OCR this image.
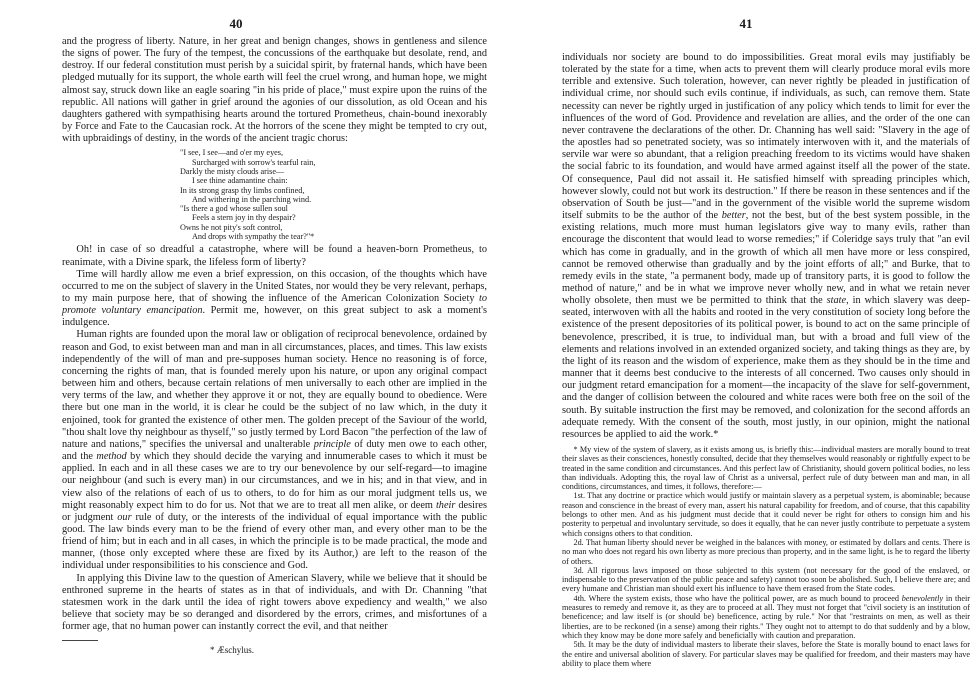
40

and the progress of liberty. Nature, in her great and benign changes, shows in gentleness and silence the signs of power. The fury of the tempest, the concussions of the earthquake but desolate, rend, and destroy. If our federal constitution must perish by a suicidal spirit, by fraternal hands, which have been pledged mutually for its support, the whole earth will feel the cruel wrong, and human hope, we might almost say, struck down like an eagle soaring "in his pride of place," must expire upon the ruins of the republic. All nations will gather in grief around the agonies of our dissolution, as old Ocean and his daughters gathered with sympathising hearts around the tortured Prometheus, chain-bound inexorably by Force and Fate to the Caucasian rock. At the horrors of the scene they might be tempted to cry out, with upbraidings of destiny, in the words of the ancient tragic chorus:

"I see, I see—and o'er my eyes,
Surcharged with sorrow's tearful rain,
Darkly the misty clouds arise—
I see thine adamantine chain:
In its strong grasp thy limbs confined,
And withering in the parching wind.
"Is there a god whose sullen soul
Feels a stern joy in thy despair?
Owns he not pity's soft control,
And drops with sympathy the tear?"*

Oh! in case of so dreadful a catastrophe, where will be found a heaven-born Prometheus, to reanimate, with a Divine spark, the lifeless form of liberty?

Time will hardly allow me even a brief expression, on this occasion, of the thoughts which have occurred to me on the subject of slavery in the United States, nor would they be very relevant, perhaps, to my main purpose here, that of showing the influence of the American Colonization Society to promote voluntary emancipation. Permit me, however, on this great subject to ask a moment's indulgence.

Human rights are founded upon the moral law or obligation of reciprocal benevolence, ordained by reason and God, to exist between man and man in all circumstances, places, and times. This law exists independently of the will of man and pre-supposes human society. Hence no reasoning is of force, concerning the rights of man, that is founded merely upon his nature, or upon any original compact between him and others, because certain relations of men universally to each other are implied in the very terms of the law, and whether they approve it or not, they are equally bound to obedience. Were there but one man in the world, it is clear he could be the subject of no law which, in the duty it enjoined, took for granted the existence of other men. The golden precept of the Saviour of the world, "thou shalt love thy neighbour as thyself," so justly termed by Lord Bacon "the perfection of the law of nature and nations," specifies the universal and unalterable principle of duty men owe to each other, and the method by which they should decide the varying and innumerable cases to which it must be applied. In each and in all these cases we are to try our benevolence by our self-regard—to imagine our neighbour (and such is every man) in our circumstances, and we in his; and in that view, and in view also of the relations of each of us to others, to do for him as our moral judgment tells us, we might reasonably expect him to do for us. Not that we are to treat all men alike, or deem their desires or judgment our rule of duty, or the interests of the individual of equal importance with the public good. The law binds every man to be the friend of every other man, and every other man to be the friend of him; but in each and in all cases, in which the principle is to be made practical, the mode and manner, (those only excepted where these are fixed by its Author,) are left to the reason of the individual under responsibilities to his conscience and God.

In applying this Divine law to the question of American Slavery, while we believe that it should be enthroned supreme in the hearts of states as in that of individuals, and with Dr. Channing "that statesmen work in the dark until the idea of right towers above expediency and wealth," we also believe that society may be so deranged and disordered by the errors, crimes, and misfortunes of a former age, that no human power can instantly correct the evil, and that neither

* Æschylus.
41

individuals nor society are bound to do impossibilities. Great moral evils may justifiably be tolerated by the state for a time, when acts to prevent them will clearly produce moral evils more terrible and extensive. Such toleration, however, can never rightly be pleaded in justification of individual crime, nor should such evils continue, if individuals, as such, can remove them. State necessity can never be rightly urged in justification of any policy which tends to limit for ever the influences of the word of God. Providence and revelation are allies, and the order of the one can never contravene the declarations of the other. Dr. Channing has well said: "Slavery in the age of the apostles had so penetrated society, was so intimately interwoven with it, and the materials of servile war were so abundant, that a religion preaching freedom to its victims would have shaken the social fabric to its foundation, and would have armed against itself all the power of the state. Of consequence, Paul did not assail it. He satisfied himself with spreading principles which, however slowly, could not but work its destruction." If there be reason in these sentences and if the observation of South be just—"and in the government of the visible world the supreme wisdom itself submits to be the author of the better, not the best, but of the best system possible, in the existing relations, much more must human legislators give way to many evils, rather than encourage the discontent that would lead to worse remedies;" if Coleridge says truly that "an evil which has come in gradually, and in the growth of which all men have more or less conspired, cannot be removed otherwise than gradually and by the joint efforts of all;" and Burke, that to remedy evils in the state, "a permanent body, made up of transitory parts, it is good to follow the method of nature," and be in what we improve never wholly new, and in what we retain never wholly obsolete, then must we be permitted to think that the state, in which slavery was deep-seated, interwoven with all the habits and rooted in the very constitution of society long before the existence of the present depositories of its political power, is bound to act on the same principle of benevolence, prescribed, it is true, to individual man, but with a broad and full view of the elements and relations involved in an extended organized society, and taking things as they are, by the light of its reason and the wisdom of experience, make them as they should be in the time and manner that it deems best conducive to the interests of all concerned. Two causes only should in our judgment retard emancipation for a moment—the incapacity of the slave for self-government, and the danger of collision between the coloured and white races were both free on the soil of the south. By suitable instruction the first may be removed, and colonization for the second affords an adequate remedy. With the consent of the south, most justly, in our opinion, might the national resources be applied to aid the work.*

* My view of the system of slavery, as it exists among us, is briefly this:—individual masters are morally bound to treat their slaves as their consciences, honestly consulted, decide that they themselves would reasonably or rightfully expect to be treated in the same condition and circumstances. And this perfect law of Christianity, should govern political bodies, no less than individuals. Adopting this, the royal law of Christ as a universal, perfect rule of duty between man and man, in all conditions, circumstances, and times, it follows, therefore:—

1st. That any doctrine or practice which would justify or maintain slavery as a perpetual system, is abominable; because reason and conscience in the breast of every man, assert his natural capability for freedom, and of course, that this capability belongs to other men. And as his judgment must decide that it could never be right for others to consign him and his posterity to perpetual and involuntary servitude, so does it equally, that he can never justly contribute to perpetuate a system which consigns others to that condition.

2d. That human liberty should never be weighed in the balances with money, or estimated by dollars and cents. There is no man who does not regard his own liberty as more precious than property, and in the same light, is he to regard the liberty of others.

3d. All rigorous laws imposed on those subjected to this system (not necessary for the good of the enslaved, or indispensable to the preservation of the public peace and safety) cannot too soon be abolished. Such, I believe there are; and every humane and Christian man should exert his influence to have them erased from the State codes.

4th. Where the system exists, those who have the political power, are as much bound to proceed benevolently in their measures to remedy and remove it, as they are to proceed at all. They must not forget that "civil society is an institution of beneficence; and law itself is (or should be) beneficence, acting by rule." Nor that "restraints on men, as well as their liberties, are to be reckoned (in a sense) among their rights." They ought not to attempt to do that suddenly and by a blow, which they know may be done more safely and beneficially with caution and preparation.

5th. It may be the duty of individual masters to liberate their slaves, before the State is morally bound to enact laws for the entire and universal abolition of slavery. For particular slaves may be qualified for freedom, and their masters may have ability to place them where
